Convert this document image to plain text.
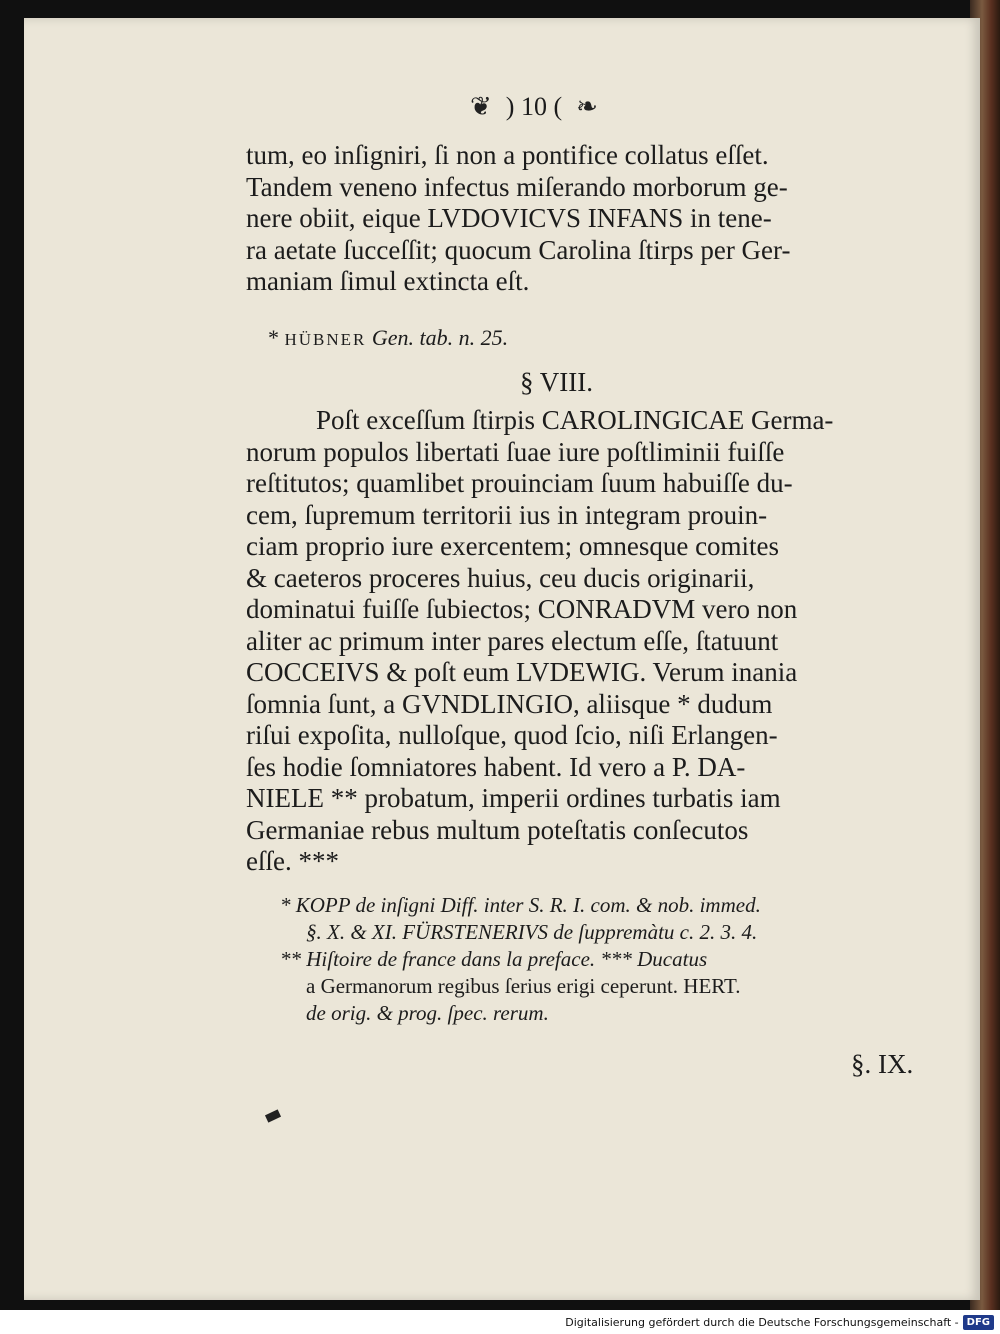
❦ ) 10 ( ❧
tum, eo inſigniri, ſi non a pontifice collatus eſſet.
Tandem veneno infectus miſerando morborum ge-
nere obiit, eique LVDOVICVS INFANS in tene-
ra aetate ſucceſſit; quocum Carolina ſtirps per Ger-
maniam ſimul extincta eſt.
* HÜBNER Gen. tab. n. 25.
§ VIII.
Poſt exceſſum ſtirpis CAROLINGICAE Germa-
norum populos libertati ſuae iure poſtliminii fuiſſe
reſtitutos; quamlibet prouinciam ſuum habuiſſe du-
cem, ſupremum territorii ius in integram prouin-
ciam proprio iure exercentem; omnesque comites
& caeteros proceres huius, ceu ducis originarii,
dominatui fuiſſe ſubiectos; CONRADVM vero non
aliter ac primum inter pares electum eſſe, ſtatuunt
COCCEIVS & poſt eum LVDEWIG. Verum inania
ſomnia ſunt, a GVNDLINGIO, aliisque * dudum
riſui expoſita, nulloſque, quod ſcio, niſi Erlangen-
ſes hodie ſomniatores habent. Id vero a P. DA-
NIELE ** probatum, imperii ordines turbatis iam
Germaniae rebus multum poteſtatis conſecutos
eſſe. ***
* KOPP de inſigni Diff. inter S. R. I. com. & nob. immed.
§. X. & XI. FÜRSTENERIVS de ſuppremàtu c. 2. 3. 4.
** Hiſtoire de france dans la preface. *** Ducatus
a Germanorum regibus ſerius erigi ceperunt. HERT.
de orig. & prog. ſpec. rerum.
§. IX.
Digitalisierung gefördert durch die Deutsche Forschungsgemeinschaft - DFG
